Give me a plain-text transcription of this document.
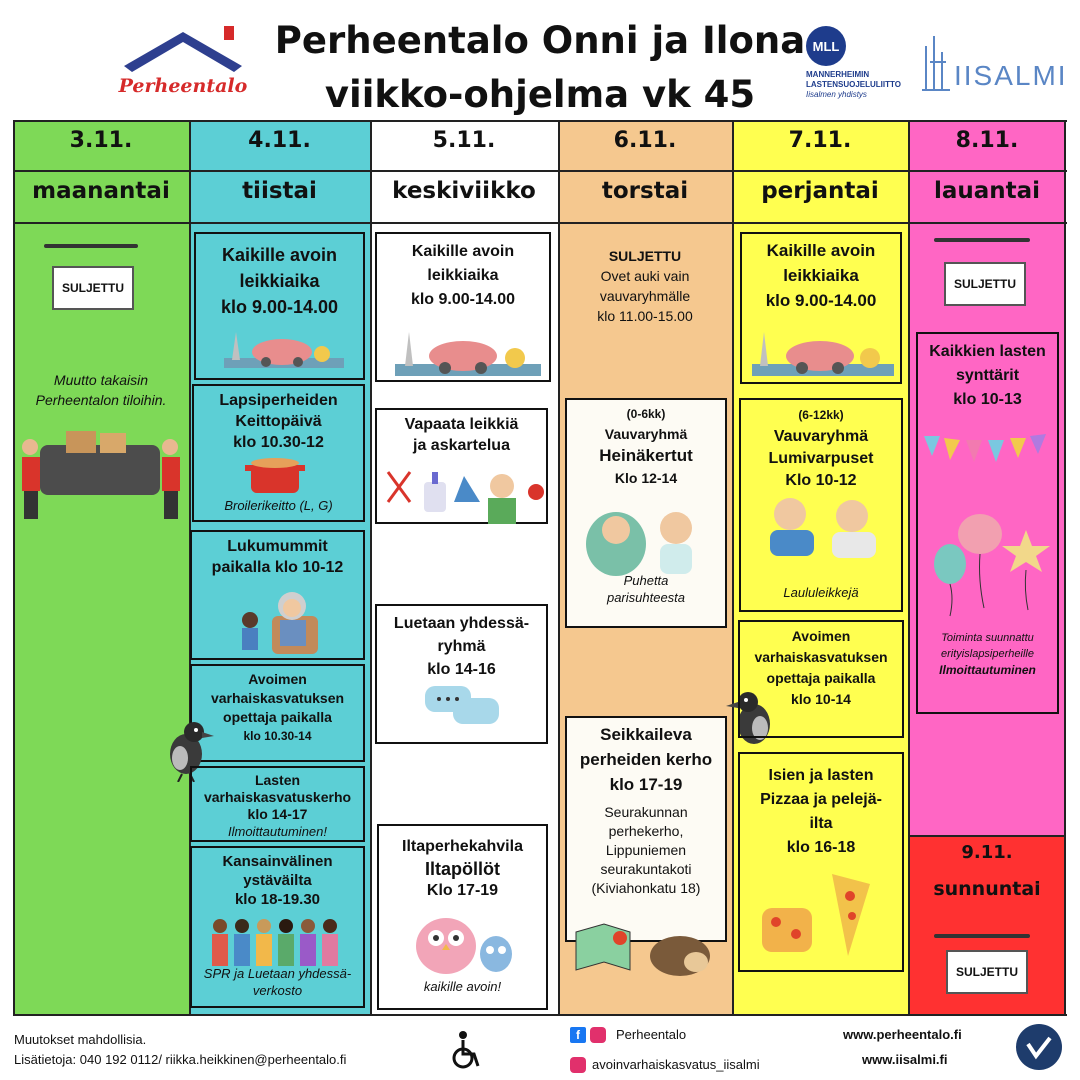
Perheentalo
Perheentalo Onni ja Ilona
viikko-ohjelma vk 45
MLL
MANNERHEIMIN
LASTENSUOJELULIITTO
Iisalmen yhdistys
IISALMI
3.11.
maanantai
4.11.
tiistai
5.11.
keskiviikko
6.11.
torstai
7.11.
perjantai
8.11.
lauantai
9.11.
sunnuntai
SULJETTU
Muutto takaisin Perheentalon tiloihin.
Kaikille avoin
leikkiaika
klo 9.00-14.00
Lapsiperheiden
Keittopäivä
klo 10.30-12
Broilerikeitto (L, G)
Lukumummit
paikalla klo 10-12
Avoimen
varhaiskasvatuksen
opettaja paikalla
klo 10.30-14
Lasten
varhaiskasvatuskerho
klo 14-17
Ilmoittautuminen!
Kansainvälinen
ystäväilta
klo 18-19.30
SPR ja Luetaan yhdessä-
verkosto
Kaikille avoin
leikkiaika
klo 9.00-14.00
Vapaata leikkiä
ja askartelua
Luetaan yhdessä-
ryhmä
klo 14-16
Iltaperhekahvila
Iltapöllöt
Klo 17-19
kaikille avoin!
SULJETTU
Ovet auki vain
vauvaryhmälle
klo 11.00-15.00
(0-6kk)
Vauvaryhmä
Heinäkertut
Klo 12-14
Puhetta
parisuhteesta
Seikkaileva
perheiden kerho
klo 17-19
Seurakunnan
perhekerho,
Lippuniemen
seurakuntakoti
(Kiviahonkatu 18)
Kaikille avoin
leikkiaika
klo 9.00-14.00
(6-12kk)
Vauvaryhmä
Lumivarpuset
Klo 10-12
Laululeikkejä
Avoimen
varhaiskasvatuksen
opettaja paikalla
klo 10-14
Isien ja lasten
Pizzaa ja pelejä-
ilta
klo 16-18
SULJETTU
Kaikkien lasten
synttärit
klo 10-13
Toiminta suunnattu
erityislapsiperheille
Ilmoittautuminen
SULJETTU
Muutokset mahdollisia.
Lisätietoja: 040 192 0112/ riikka.heikkinen@perheentalo.fi
f	Perheentalo
avoinvarhaiskasvatus_iisalmi
www.perheentalo.fi
www.iisalmi.fi
